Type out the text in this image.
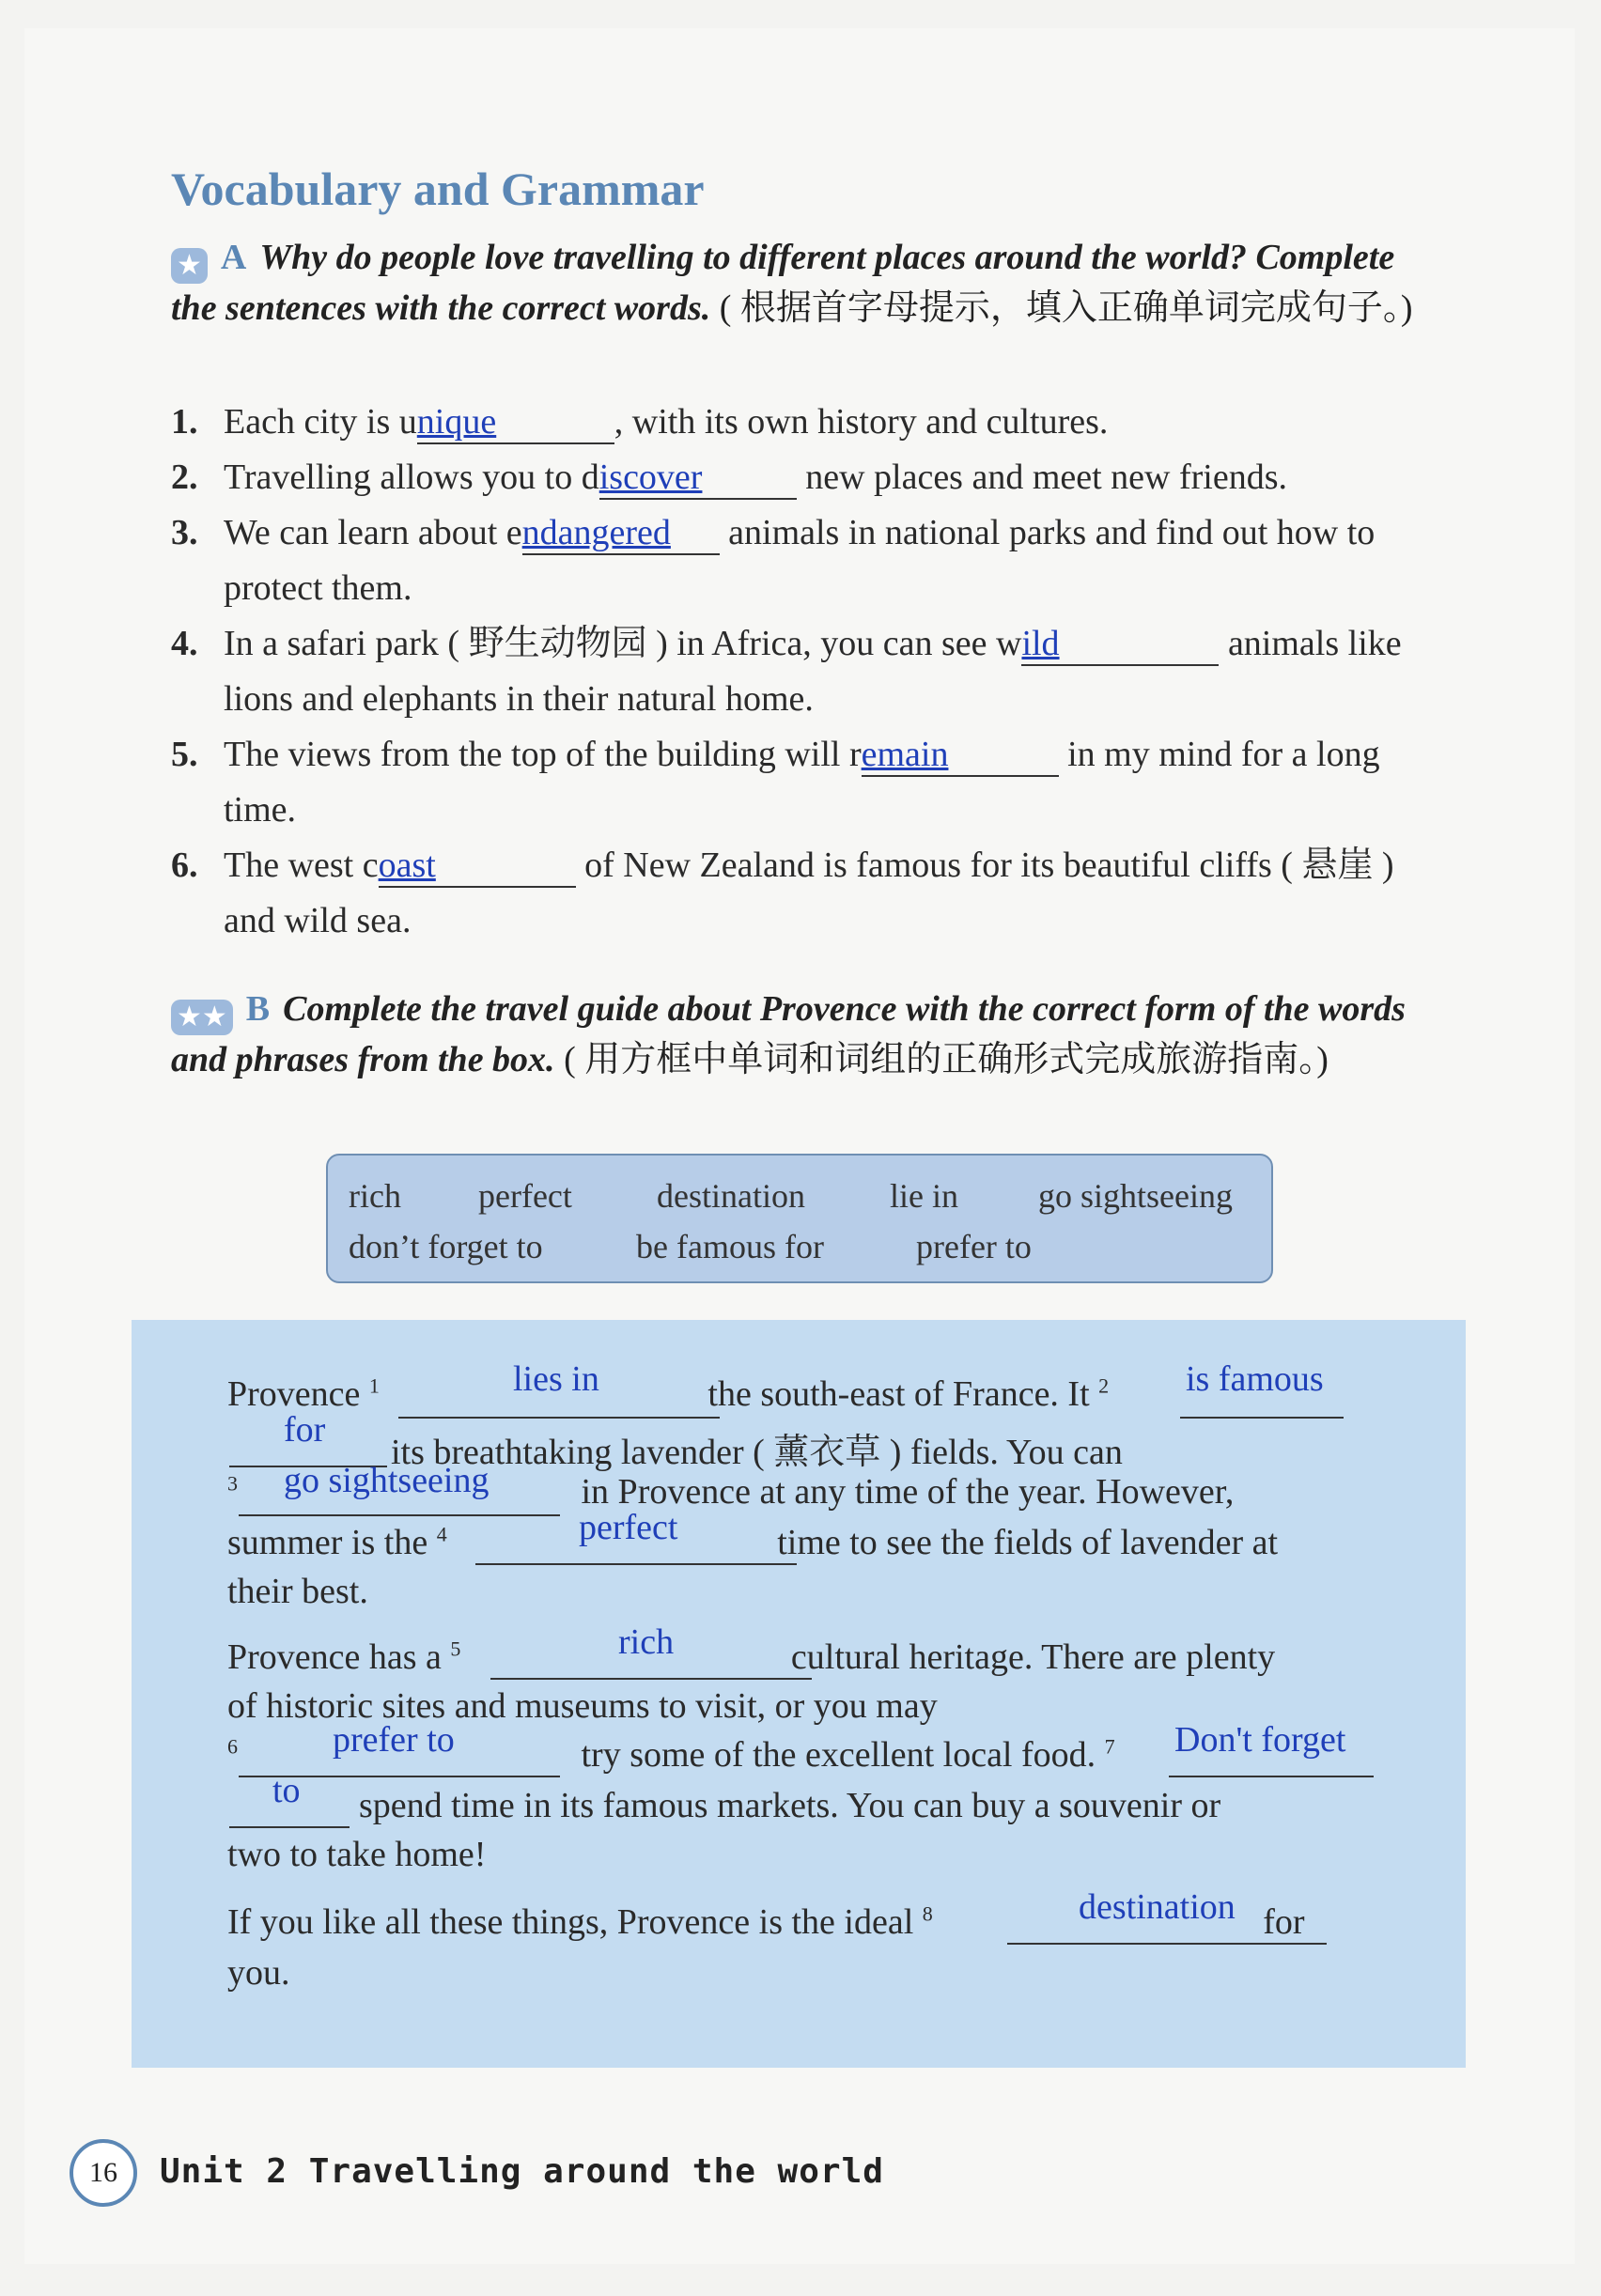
Vocabulary and Grammar
★ A Why do people love travelling to different places around the world? Complete the sentences with the correct words. ( 根据首字母提示，填入正确单词完成句子。)
1. Each city is unique	, with its own history and cultures.
2. Travelling allows you to discover	new places and meet new friends.
3. We can learn about endangered animals in national parks and find out how to protect them.
4. In a safari park ( 野生动物园 ) in Africa, you can see wild	animals like lions and elephants in their natural home.
5. The views from the top of the building will remain	in my mind for a long time.
6. The west coast	of New Zealand is famous for its beautiful cliffs ( 悬崖 ) and wild sea.
★★ B Complete the travel guide about Provence with the correct form of the words and phrases from the box. ( 用方框中单词和词组的正确形式完成旅游指南。)
rich perfect	destination	lie in go sightseeing
don’t forget to	be famous for	prefer to
Provence $^1$	the south-east of France. It $^2$
lies in	is famous
its breathtaking lavender ( 薰衣草 ) fields. You can
for
$^3$	in Provence at any time of the year. However,
go sightseeing
summer is the $^4$	time to see the fields of lavender at
perfect
their best.
Provence has a $^5$	cultural heritage. There are plenty
rich
of historic sites and museums to visit, or you may
$^6$	try some of the excellent local food. $^7$
prefer to	Don't forget
spend time in its famous markets. You can buy a souvenir or
to
two to take home!
If you like all these things, Provence is the ideal $^8$	for
destination
you.
16	Unit 2 Travelling around the world
